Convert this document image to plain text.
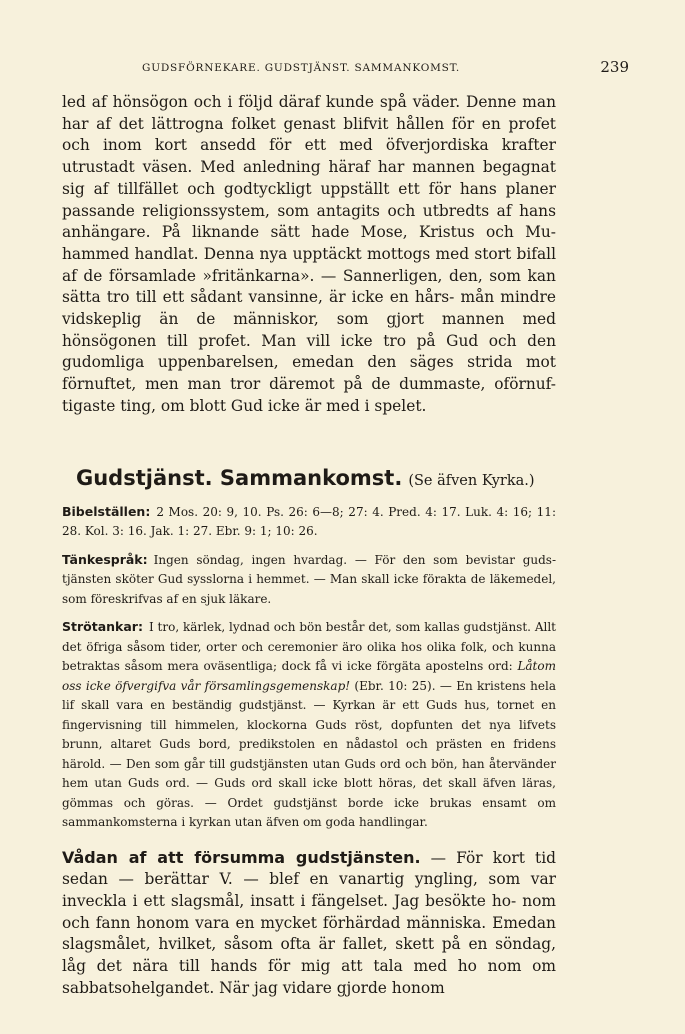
GUDSFÖRNEKARE. GUDSTJÄNST. SAMMANKOMST.	239

led af hönsögon och i följd däraf kunde spå väder. Denne man har af det lättrogna folket genast blifvit hållen för en profet och inom kort ansedd för ett med öfverjordiska krafter utrustadt väsen. Med anledning häraf har mannen begagnat sig af tillfället och godtyckligt uppställt ett för hans planer passande religionssystem, som antagits och utbredts af hans anhängare. På liknande sätt hade Mose, Kristus och Mu- hammed handlat. Denna nya upptäckt mottogs med stort bifall af de församlade »fritänkarna». — Sannerligen, den, som kan sätta tro till ett sådant vansinne, är icke en hårs- mån mindre vidskeplig än de människor, som gjort mannen med hönsögonen till profet. Man vill icke tro på Gud och den gudomliga uppenbarelsen, emedan den säges strida mot förnuftet, men man tror däremot på de dummaste, oförnuf- tigaste ting, om blott Gud icke är med i spelet.

Gudstjänst. Sammankomst. (Se äfven Kyrka.)

Bibelställen: 2 Mos. 20: 9, 10. Ps. 26: 6—8; 27: 4. Pred. 4: 17. Luk. 4: 16; 11: 28. Kol. 3: 16. Jak. 1: 27. Ebr. 9: 1; 10: 26.

Tänkespråk: Ingen söndag, ingen hvardag. — För den som bevistar guds-tjänsten sköter Gud sysslorna i hemmet. — Man skall icke förakta de läkemedel, som föreskrifvas af en sjuk läkare.

Strötankar: I tro, kärlek, lydnad och bön består det, som kallas gudstjänst. Allt det öfriga såsom tider, orter och ceremonier äro olika hos olika folk, och kunna betraktas såsom mera oväsentliga; dock få vi icke förgäta apostelns ord: Låtom oss icke öfvergifva vår församlingsgemenskap! (Ebr. 10: 25). — En kristens hela lif skall vara en beständig gudstjänst. — Kyrkan är ett Guds hus, tornet en fingervisning till himmelen, klockorna Guds röst, dopfunten det nya lifvets brunn, altaret Guds bord, predikstolen en nådastol och prästen en fridens härold. — Den som går till gudstjänsten utan Guds ord och bön, han återvänder hem utan Guds ord. — Guds ord skall icke blott höras, det skall äfven läras, gömmas och göras. — Ordet gudstjänst borde icke brukas ensamt om sammankomsterna i kyrkan utan äfven om goda handlingar.

Vådan af att försumma gudstjänsten. — För kort tid sedan — berättar V. — blef en vanartig yngling, som var inveckla i ett slagsmål, insatt i fängelset. Jag besökte ho- nom och fann honom vara en mycket förhärdad människa. Emedan slagsmålet, hvilket, såsom ofta är fallet, skett på en söndag, låg det nära till hands för mig att tala med ho nom om sabbatsohelgandet. När jag vidare gjorde honom
